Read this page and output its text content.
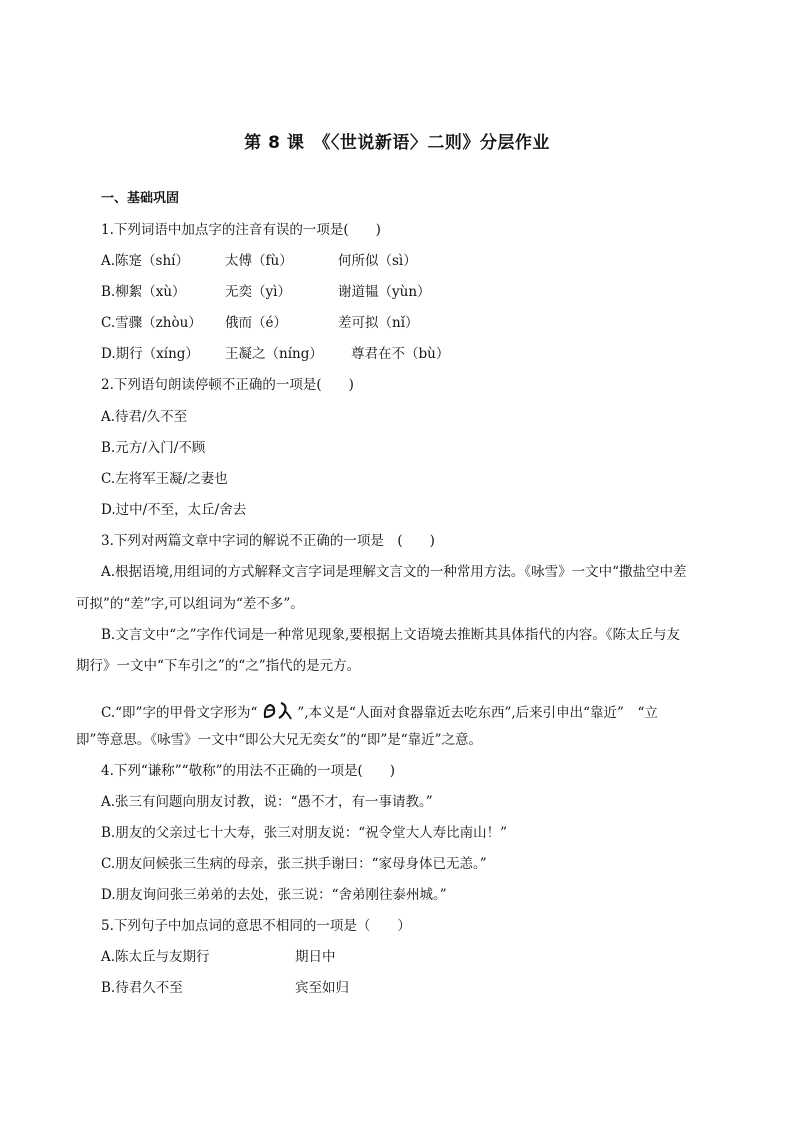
第 8 课　《〈世说新语〉二则》分层作业
一、基础巩固
1.下列词语中加点字的注音有误的一项是(　　)
A.陈寔（shí）	太傅（fù）	何所似（sì）
B.柳絮（xù）	无奕（yì）	谢道韫（yùn）
C.雪骤（zhòu） 俄而（é）	差可拟（nǐ）
D.期行（xíng） 王凝之（níng） 尊君在不（bù）
2.下列语句朗读停顿不正确的一项是(　　)
A.待君/久不至
B.元方/入门/不顾
C.左将军王凝/之妻也
D.过中/不至，太丘/舍去
3.下列对两篇文章中字词的解说不正确的一项是　(　　)
A.根据语境,用组词的方式解释文言字词是理解文言文的一种常用方法。《咏雪》一文中“撒盐空中差
可拟”的“差”字,可以组词为“差不多”。
B.文言文中“之”字作代词是一种常见现象,要根据上文语境去推断其具体指代的内容。《陈太丘与友
期行》一文中“下车引之”的“之”指代的是元方。
C.“即”字的甲骨文字形为“	”,本义是“人面对食器靠近去吃东西”,后来引申出“靠近”　“立
即”等意思。《咏雪》一文中“即公大兄无奕女”的“即”是“靠近”之意。
4.下列“谦称”“敬称”的用法不正确的一项是(　　)
A.张三有问题向朋友讨教，说：“愚不才，有一事请教。”
B.朋友的父亲过七十大寿，张三对朋友说：“祝令堂大人寿比南山！”
C.朋友问候张三生病的母亲，张三拱手谢曰：“家母身体已无恙。”
D.朋友询问张三弟弟的去处，张三说：“舍弟刚往泰州城。”
5.下列句子中加点词的意思不相同的一项是（　　）
A.陈太丘与友期行	期日中
B.待君久不至	宾至如归
